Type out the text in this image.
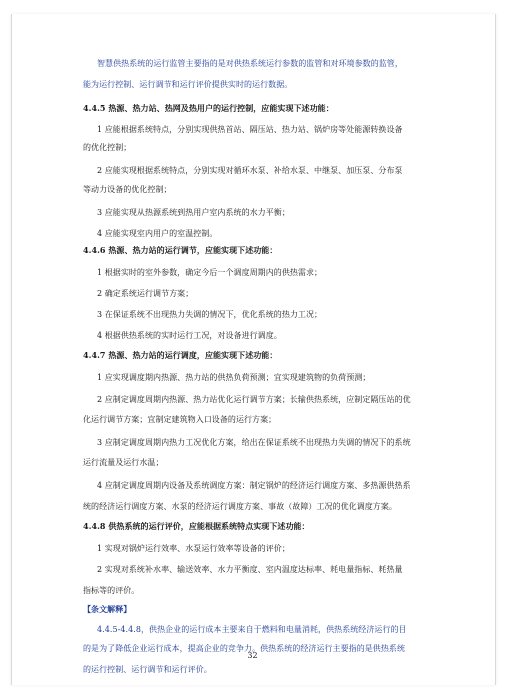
智慧供热系统的运行监管主要指的是对供热系统运行参数的监管和对环境参数的监管，
能为运行控制、运行调节和运行评价提供实时的运行数据。
4.4.5 热源、热力站、热网及热用户的运行控制，应能实现下述功能：
1 应能根据系统特点，分别实现供热首站、隔压站、热力站、锅炉房等处能源转换设备
的优化控制；
2 应能实现根据系统特点，分别实现对循环水泵、补给水泵、中继泵、加压泵、分布泵
等动力设备的优化控制；
3 应能实现从热源系统到热用户室内系统的水力平衡；
4 应能实现室内用户的室温控制。
4.4.6 热源、热力站的运行调节，应能实现下述功能：
1 根据实时的室外参数，确定今后一个调度周期内的供热需求；
2 确定系统运行调节方案；
3 在保证系统不出现热力失调的情况下，优化系统的热力工况；
4 根据供热系统的实时运行工况，对设备进行调度。
4.4.7 热源、热力站的运行调度，应能实现下述功能：
1 应实现调度期内热源、热力站的供热负荷预测；宜实现建筑物的负荷预测；
2 应制定调度周期内热源、热力站优化运行调节方案；长输供热系统，应制定隔压站的优
化运行调节方案；宜制定建筑物入口设备的运行方案；
3 应制定调度周期内热力工况优化方案，给出在保证系统不出现热力失调的情况下的系统
运行流量及运行水温；
4 应制定调度周期内设备及系统调度方案：制定锅炉的经济运行调度方案、多热源供热系
统的经济运行调度方案、水泵的经济运行调度方案、事故（故障）工况的优化调度方案。
4.4.8 供热系统的运行评价，应能根据系统特点实现下述功能：
1 实现对锅炉运行效率、水泵运行效率等设备的评价；
2 实现对系统补水率、输送效率、水力平衡度、室内温度达标率、耗电量指标、耗热量
指标等的评价。
【条文解释】
4.4.5-4.4.8，供热企业的运行成本主要来自于燃料和电量消耗，供热系统经济运行的目
的是为了降低企业运行成本，提高企业的竞争力。供热系统的经济运行主要指的是供热系统
的运行控制、运行调节和运行评价。
32
